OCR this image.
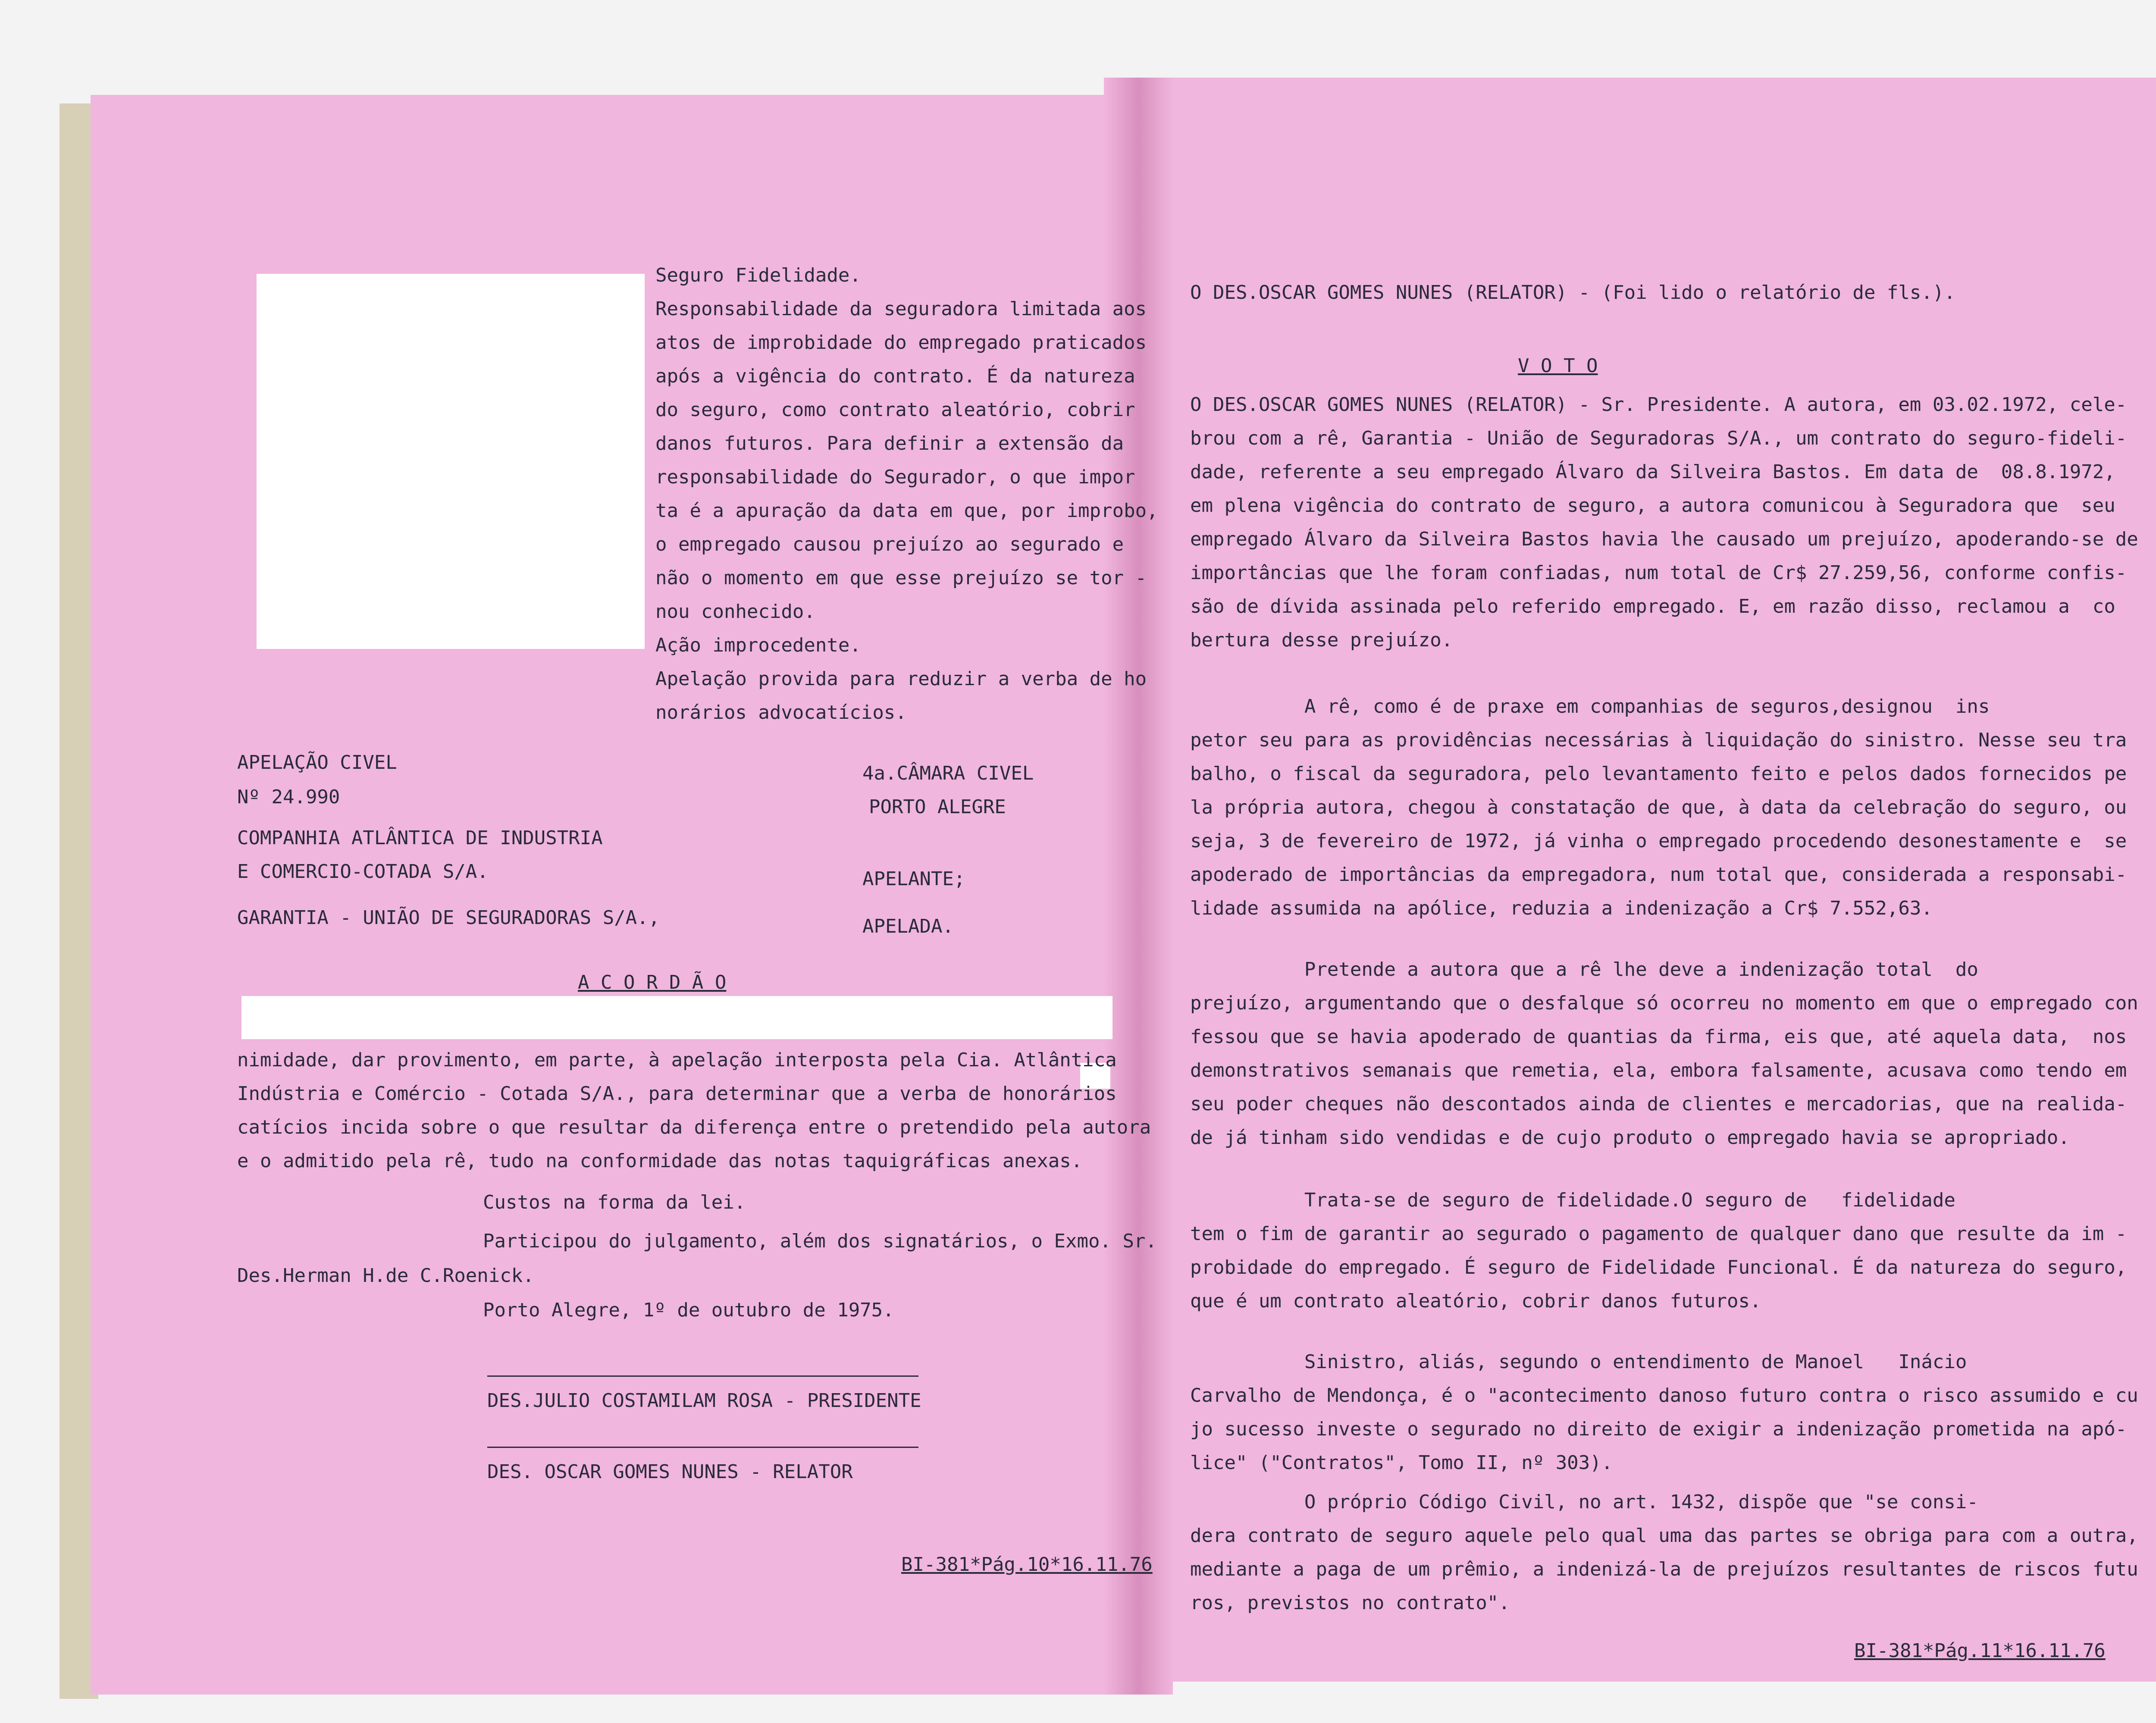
Seguro Fidelidade.
Responsabilidade da seguradora limitada aos
atos de improbidade do empregado praticados
após a vigência do contrato. É da natureza
do seguro, como contrato aleatório, cobrir
danos futuros. Para definir a extensão da
responsabilidade do Segurador, o que impor
ta é a apuração da data em que, por improbo,
o empregado causou prejuízo ao segurado e
não o momento em que esse prejuízo se tor -
nou conhecido.
Ação improcedente.
Apelação provida para reduzir a verba de ho
norários advocatícios.
APELAÇÃO CIVEL
Nº 24.990
COMPANHIA ATLÂNTICA DE INDUSTRIA
E COMERCIO-COTADA S/A.
GARANTIA - UNIÃO DE SEGURADORAS S/A.,
4a.CÂMARA CIVEL
PORTO ALEGRE
APELANTE;
APELADA.
A C O R D Ã O
nimidade, dar provimento, em parte, à apelação interposta pela Cia. Atlântica
Indústria e Comércio - Cotada S/A., para determinar que a verba de honorários
catícios incida sobre o que resultar da diferença entre o pretendido pela autora
e o admitido pela rê, tudo na conformidade das notas taquigráficas anexas.
Custos na forma da lei.
Participou do julgamento, além dos signatários, o Exmo. Sr.
Des.Herman H.de C.Roenick.
Porto Alegre, 1º de outubro de 1975.
DES.JULIO COSTAMILAM ROSA - PRESIDENTE
DES. OSCAR GOMES NUNES - RELATOR
BI-381*Pág.10*16.11.76
O DES.OSCAR GOMES NUNES (RELATOR) - (Foi lido o relatório de fls.).
V O T O
O DES.OSCAR GOMES NUNES (RELATOR) - Sr. Presidente. A autora, em 03.02.1972, cele-
brou com a rê, Garantia - União de Seguradoras S/A., um contrato do seguro-fideli-
dade, referente a seu empregado Álvaro da Silveira Bastos. Em data de  08.8.1972,
em plena vigência do contrato de seguro, a autora comunicou à Seguradora que  seu
empregado Álvaro da Silveira Bastos havia lhe causado um prejuízo, apoderando-se de
importâncias que lhe foram confiadas, num total de Cr$ 27.259,56, conforme confis-
são de dívida assinada pelo referido empregado. E, em razão disso, reclamou a  co
bertura desse prejuízo.
A rê, como é de praxe em companhias de seguros,designou  ins
petor seu para as providências necessárias à liquidação do sinistro. Nesse seu tra
balho, o fiscal da seguradora, pelo levantamento feito e pelos dados fornecidos pe
la própria autora, chegou à constatação de que, à data da celebração do seguro, ou
seja, 3 de fevereiro de 1972, já vinha o empregado procedendo desonestamente e  se
apoderado de importâncias da empregadora, num total que, considerada a responsabi-
lidade assumida na apólice, reduzia a indenização a Cr$ 7.552,63.
Pretende a autora que a rê lhe deve a indenização total  do
prejuízo, argumentando que o desfalque só ocorreu no momento em que o empregado con
fessou que se havia apoderado de quantias da firma, eis que, até aquela data,  nos
demonstrativos semanais que remetia, ela, embora falsamente, acusava como tendo em
seu poder cheques não descontados ainda de clientes e mercadorias, que na realida-
de já tinham sido vendidas e de cujo produto o empregado havia se apropriado.
Trata-se de seguro de fidelidade.O seguro de   fidelidade
tem o fim de garantir ao segurado o pagamento de qualquer dano que resulte da im -
probidade do empregado. É seguro de Fidelidade Funcional. É da natureza do seguro,
que é um contrato aleatório, cobrir danos futuros.
Sinistro, aliás, segundo o entendimento de Manoel   Inácio
Carvalho de Mendonça, é o "acontecimento danoso futuro contra o risco assumido e cu
jo sucesso investe o segurado no direito de exigir a indenização prometida na apó-
lice" ("Contratos", Tomo II, nº 303).
O próprio Código Civil, no art. 1432, dispõe que "se consi-
dera contrato de seguro aquele pelo qual uma das partes se obriga para com a outra,
mediante a paga de um prêmio, a indenizá-la de prejuízos resultantes de riscos futu
ros, previstos no contrato".
BI-381*Pág.11*16.11.76
